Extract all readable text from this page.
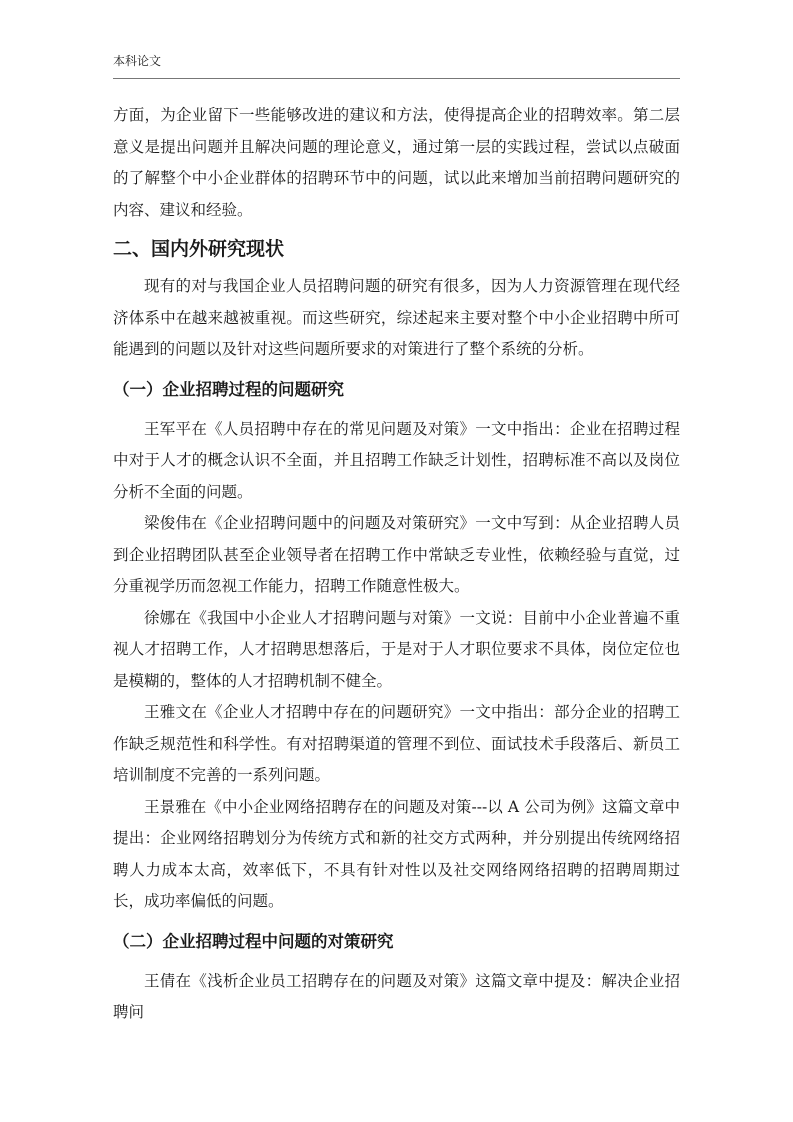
本科论文

方面，为企业留下一些能够改进的建议和方法，使得提高企业的招聘效率。第二层意义是提出问题并且解决问题的理论意义，通过第一层的实践过程，尝试以点破面的了解整个中小企业群体的招聘环节中的问题，试以此来增加当前招聘问题研究的内容、建议和经验。

二、国内外研究现状

现有的对与我国企业人员招聘问题的研究有很多，因为人力资源管理在现代经济体系中在越来越被重视。而这些研究，综述起来主要对整个中小企业招聘中所可能遇到的问题以及针对这些问题所要求的对策进行了整个系统的分析。

（一）企业招聘过程的问题研究

王军平在《人员招聘中存在的常见问题及对策》一文中指出：企业在招聘过程中对于人才的概念认识不全面，并且招聘工作缺乏计划性，招聘标准不高以及岗位分析不全面的问题。

梁俊伟在《企业招聘问题中的问题及对策研究》一文中写到：从企业招聘人员到企业招聘团队甚至企业领导者在招聘工作中常缺乏专业性，依赖经验与直觉，过分重视学历而忽视工作能力，招聘工作随意性极大。

徐娜在《我国中小企业人才招聘问题与对策》一文说：目前中小企业普遍不重视人才招聘工作，人才招聘思想落后，于是对于人才职位要求不具体，岗位定位也是模糊的，整体的人才招聘机制不健全。

王雅文在《企业人才招聘中存在的问题研究》一文中指出：部分企业的招聘工作缺乏规范性和科学性。有对招聘渠道的管理不到位、面试技术手段落后、新员工培训制度不完善的一系列问题。

王景雅在《中小企业网络招聘存在的问题及对策---以 A 公司为例》这篇文章中提出：企业网络招聘划分为传统方式和新的社交方式两种，并分别提出传统网络招聘人力成本太高，效率低下，不具有针对性以及社交网络网络招聘的招聘周期过长，成功率偏低的问题。

（二）企业招聘过程中问题的对策研究

王倩在《浅析企业员工招聘存在的问题及对策》这篇文章中提及：解决企业招聘问
